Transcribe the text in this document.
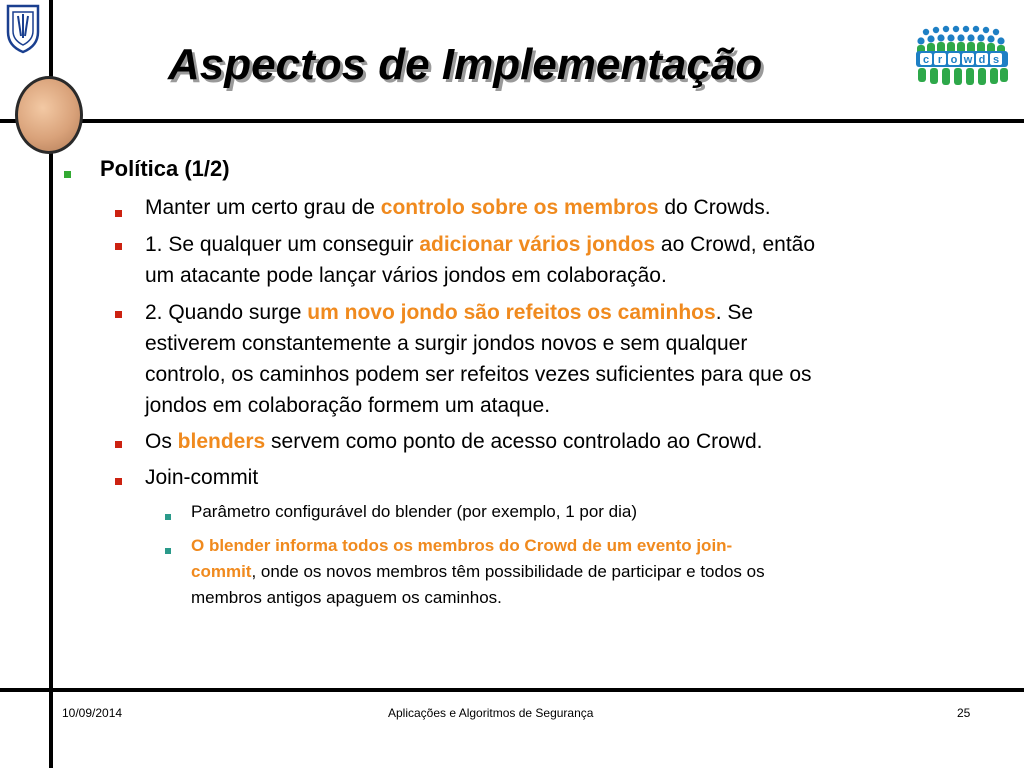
Aspectos de Implementação	c r o w d s
Política (1/2)
Manter um certo grau de controlo sobre os membros do Crowds.
1. Se qualquer um conseguir adicionar vários jondos ao Crowd, então
um atacante pode lançar vários jondos em colaboração.
2. Quando surge um novo jondo são refeitos os caminhos. Se
estiverem constantemente a surgir jondos novos e sem qualquer
controlo, os caminhos podem ser refeitos vezes suficientes para que os
jondos em colaboração formem um ataque.
Os blenders servem como ponto de acesso controlado ao Crowd.
Join-commit
Parâmetro configurável do blender (por exemplo, 1 por dia)
O blender informa todos os membros do Crowd de um evento join-
commit, onde os novos membros têm possibilidade de participar e todos os
membros antigos apaguem os caminhos.
10/09/2014	Aplicações e Algoritmos de Segurança	25
